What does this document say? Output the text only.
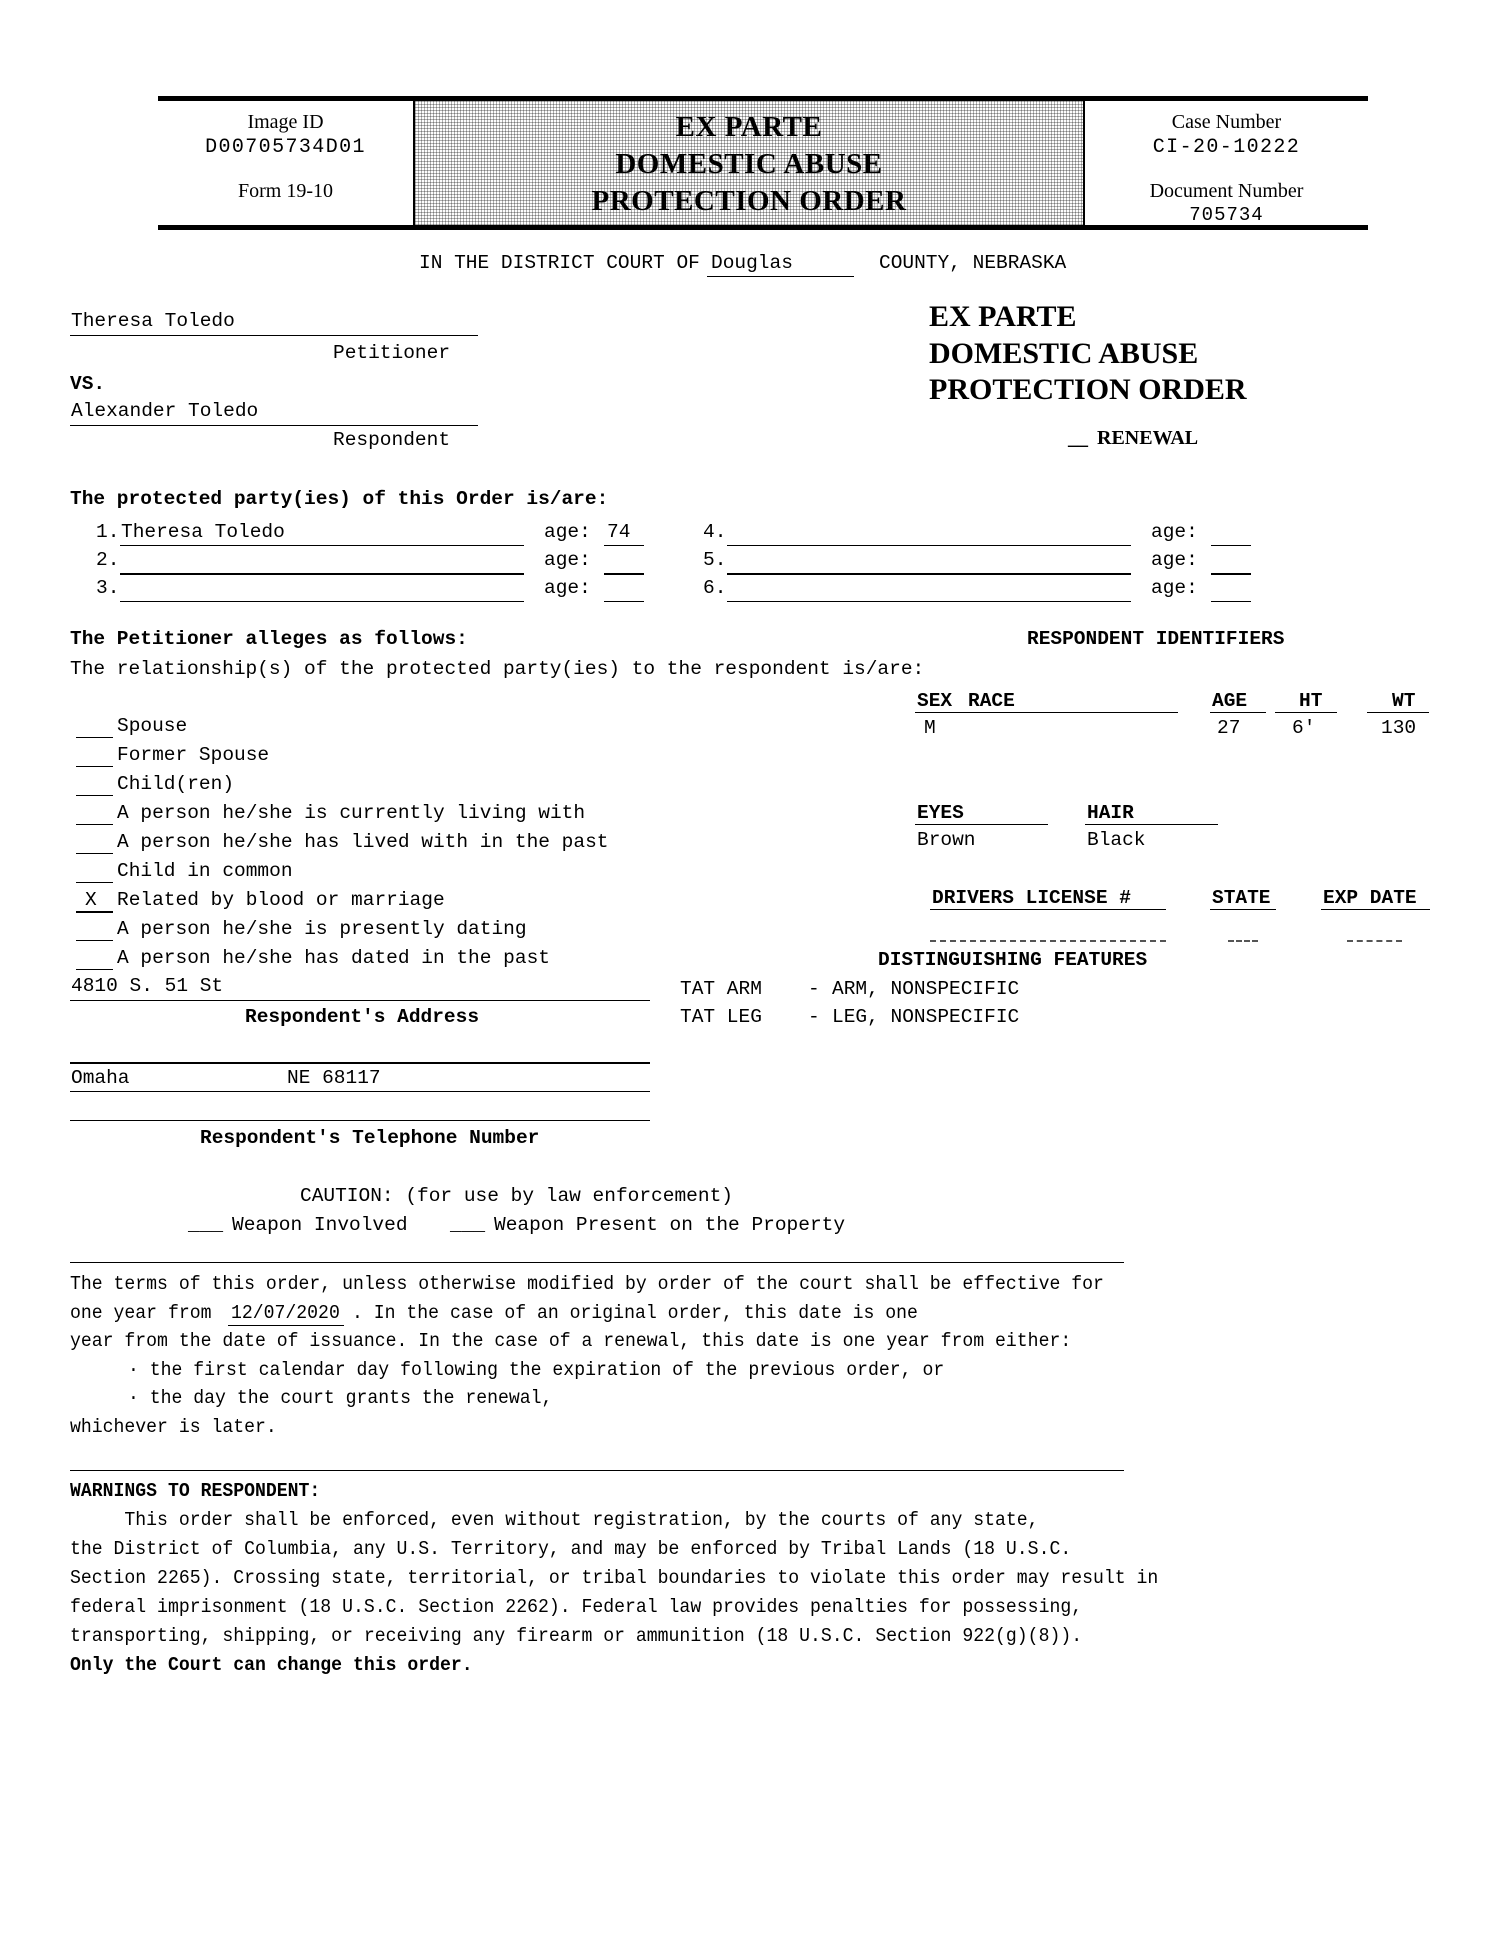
Image ID
D00705734D01
Form 19-10
EX PARTE
DOMESTIC ABUSE
PROTECTION ORDER
Case Number
CI-20-10222
Document Number
705734
IN THE DISTRICT COURT OF Douglas	COUNTY, NEBRASKA
Theresa Toledo
Petitioner
VS.
Alexander Toledo
Respondent
EX PARTE
DOMESTIC ABUSE
PROTECTION ORDER
__ RENEWAL
The protected party(ies) of this Order is/are:
1. Theresa Toledo	age: 74
2.	age:
3.	age:
4.	age:
5.	age:
6.	age:
The Petitioner alleges as follows:
The relationship(s) of the protected party(ies) to the respondent is/are:
Spouse
Former Spouse
Child(ren)
A person he/she is currently living with
A person he/she has lived with in the past
Child in common
X	Related by blood or marriage
A person he/she is presently dating
A person he/she has dated in the past
RESPONDENT IDENTIFIERS
SEX RACE	AGE	HT	WT
M	27	6'	130
EYES	HAIR
Brown	Black
DRIVERS LICENSE #	STATE	EXP DATE
DISTINGUISHING FEATURES
TAT ARM - ARM, NONSPECIFIC
TAT LEG - LEG, NONSPECIFIC
4810 S. 51 St
Respondent's Address
Omaha	NE 68117
Respondent's Telephone Number
CAUTION: (for use by law enforcement)
___ Weapon Involved ___ Weapon Present on the Property
The terms of this order, unless otherwise modified by order of the court shall be effective for
one year from 12/07/2020 . In the case of an original order, this date is one
year from the date of issuance. In the case of a renewal, this date is one year from either:
· the first calendar day following the expiration of the previous order, or
· the day the court grants the renewal,
whichever is later.
WARNINGS TO RESPONDENT:
This order shall be enforced, even without registration, by the courts of any state,
the District of Columbia, any U.S. Territory, and may be enforced by Tribal Lands (18 U.S.C.
Section 2265). Crossing state, territorial, or tribal boundaries to violate this order may result in
federal imprisonment (18 U.S.C. Section 2262). Federal law provides penalties for possessing,
transporting, shipping, or receiving any firearm or ammunition (18 U.S.C. Section 922(g)(8)).
Only the Court can change this order.
